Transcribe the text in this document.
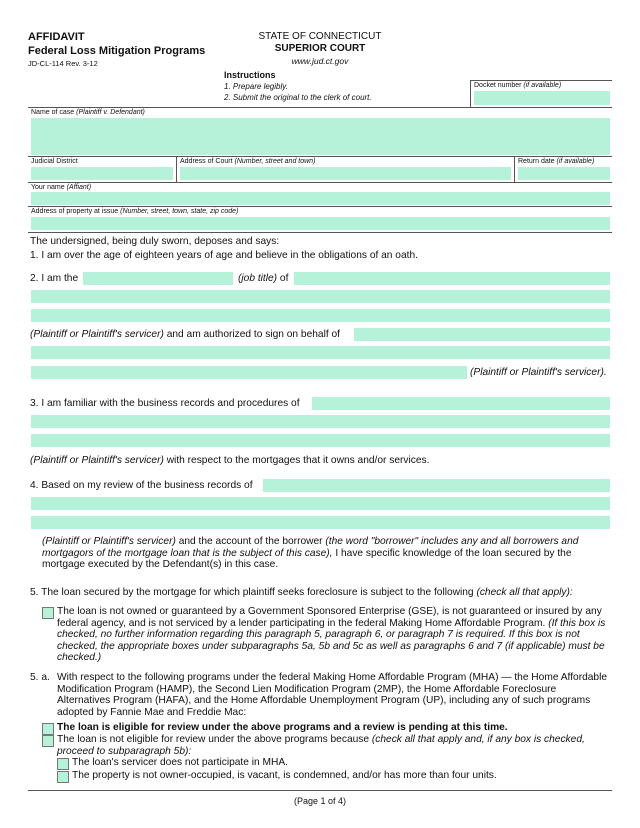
AFFIDAVIT
Federal Loss Mitigation Programs
JD-CL-114 Rev. 3-12
STATE OF CONNECTICUT
SUPERIOR COURT
www.jud.ct.gov
Instructions
1. Prepare legibly.
2. Submit the original to the clerk of court.
Docket number (if available)
Name of case (Plaintiff v. Defendant)
Judicial District	Address of Court (Number, street and town)	Return date (if available)
Your name (Affiant)
Address of property at issue (Number, street, town, state, zip code)
The undersigned, being duly sworn, deposes and says:
1. I am over the age of eighteen years of age and believe in the obligations of an oath.
2. I am the	(job title) of
(Plaintiff or Plaintiff's servicer) and am authorized to sign on behalf of
(Plaintiff or Plaintiff's servicer).
3. I am familiar with the business records and procedures of
(Plaintiff or Plaintiff's servicer) with respect to the mortgages that it owns and/or services.
4. Based on my review of the business records of
(Plaintiff or Plaintiff's servicer) and the account of the borrower (the word "borrower" includes any and all borrowers and mortgagors of the mortgage loan that is the subject of this case), I have specific knowledge of the loan secured by the mortgage executed by the Defendant(s) in this case.
5. The loan secured by the mortgage for which plaintiff seeks foreclosure is subject to the following (check all that apply):
The loan is not owned or guaranteed by a Government Sponsored Enterprise (GSE), is not guaranteed or insured by any federal agency, and is not serviced by a lender participating in the federal Making Home Affordable Program. (If this box is checked, no further information regarding this paragraph 5, paragraph 6, or paragraph 7 is required. If this box is not checked, the appropriate boxes under subparagraphs 5a, 5b and 5c as well as paragraphs 6 and 7 (if applicable) must be checked.)
5. a. With respect to the following programs under the federal Making Home Affordable Program (MHA) — the Home Affordable Modification Program (HAMP), the Second Lien Modification Program (2MP), the Home Affordable Foreclosure Alternatives Program (HAFA), and the Home Affordable Unemployment Program (UP), including any of such programs adopted by Fannie Mae and Freddie Mac:
The loan is eligible for review under the above programs and a review is pending at this time.
The loan is not eligible for review under the above programs because (check all that apply and, if any box is checked, proceed to subparagraph 5b):
The loan's servicer does not participate in MHA.
The property is not owner-occupied, is vacant, is condemned, and/or has more than four units.
(Page 1 of 4)
